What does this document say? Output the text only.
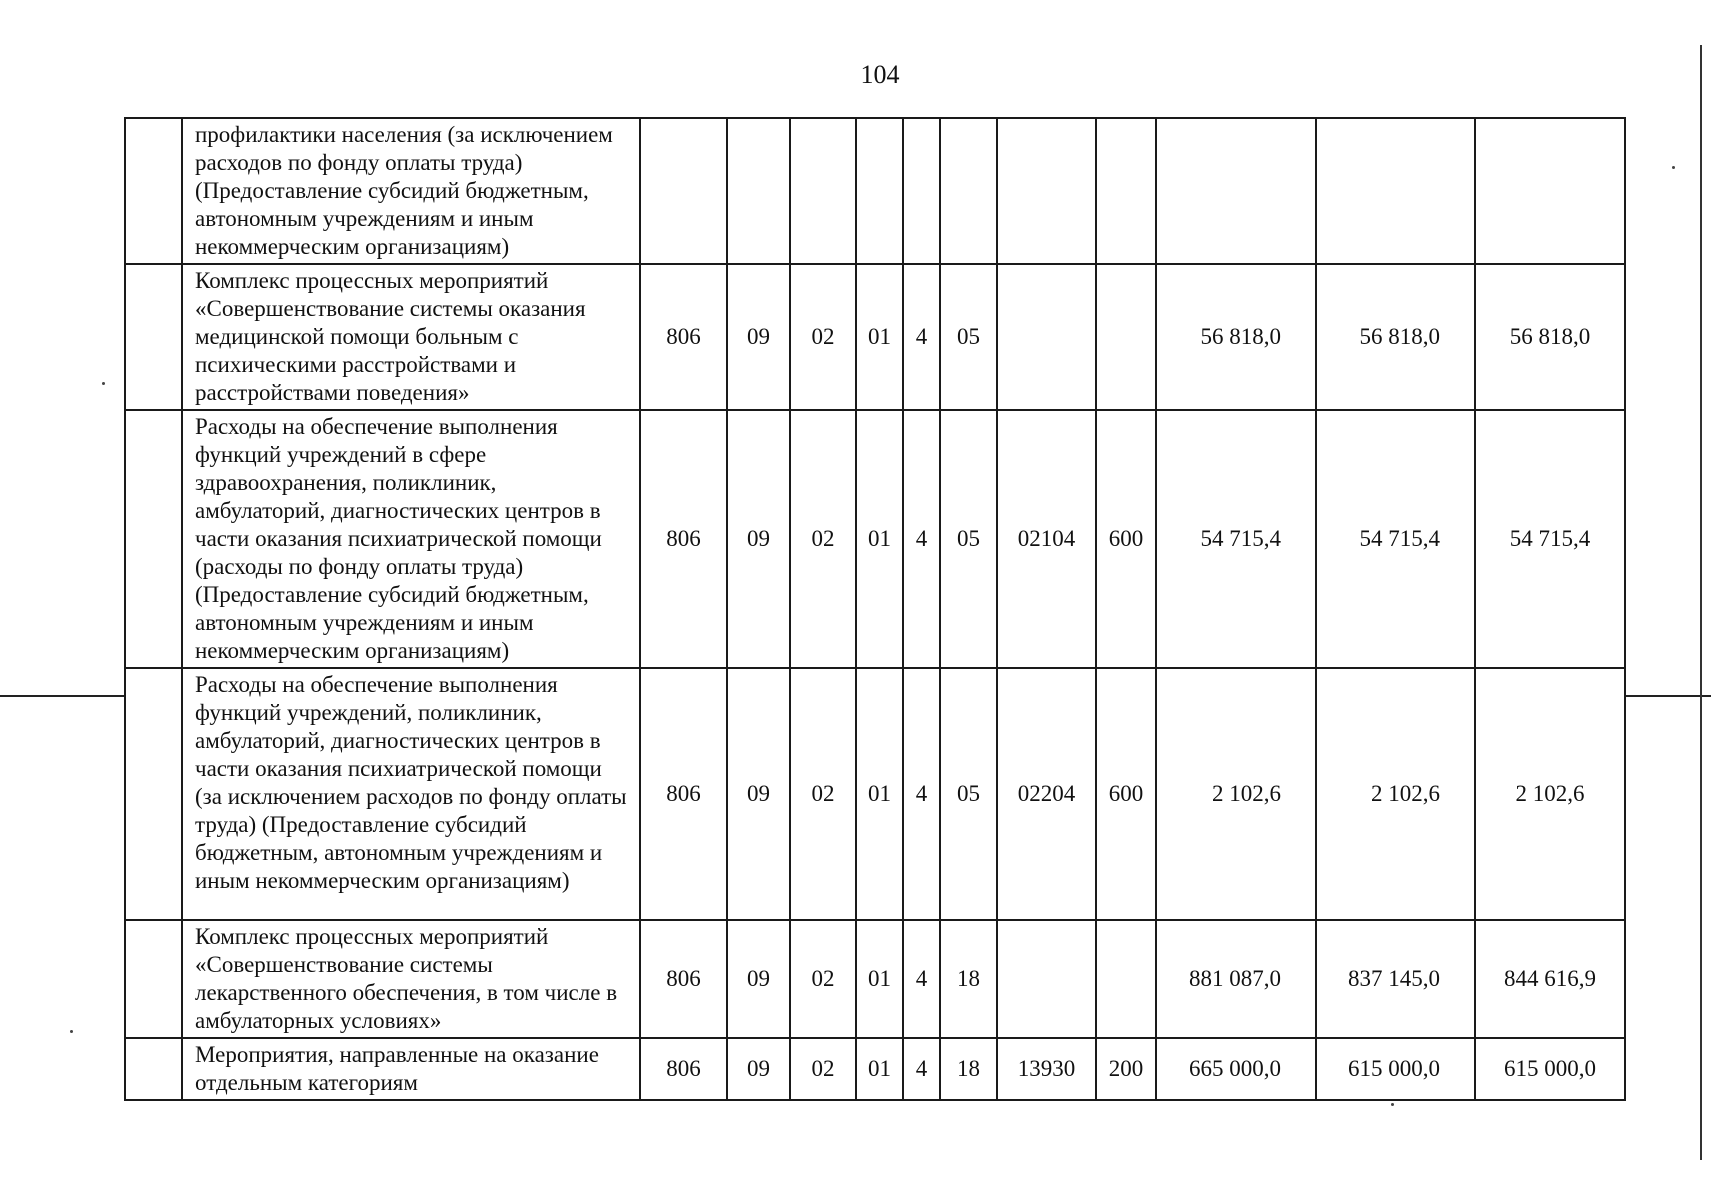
104
	профилактики населения (за исключением расходов по фонду оплаты труда) (Предоставление субсидий бюджетным, автономным учреждениям и иным некоммерческим организациям)											
	Комплекс процессных мероприятий «Совершенствование системы оказания медицинской помощи больным с психическими расстройствами и расстройствами поведения»	806	09	02	01	4	05			56 818,0	56 818,0	56 818,0
	Расходы на обеспечение выполнения функций учреждений в сфере здравоохранения, поликлиник, амбулаторий, диагностических центров в части оказания психиатрической помощи (расходы по фонду оплаты труда) (Предоставление субсидий бюджетным, автономным учреждениям и иным некоммерческим организациям)	806	09	02	01	4	05	02104	600	54 715,4	54 715,4	54 715,4
	Расходы на обеспечение выполнения функций учреждений, поликлиник, амбулаторий, диагностических центров в части оказания психиатрической помощи (за исключением расходов по фонду оплаты труда) (Предоставление субсидий бюджетным, автономным учреждениям и иным некоммерческим организациям)	806	09	02	01	4	05	02204	600	2 102,6	2 102,6	2 102,6
	Комплекс процессных мероприятий «Совершенствование системы лекарственного обеспечения, в том числе в амбулаторных условиях»	806	09	02	01	4	18			881 087,0	837 145,0	844 616,9
	Мероприятия, направленные на оказание отдельным категориям	806	09	02	01	4	18	13930	200	665 000,0	615 000,0	615 000,0
